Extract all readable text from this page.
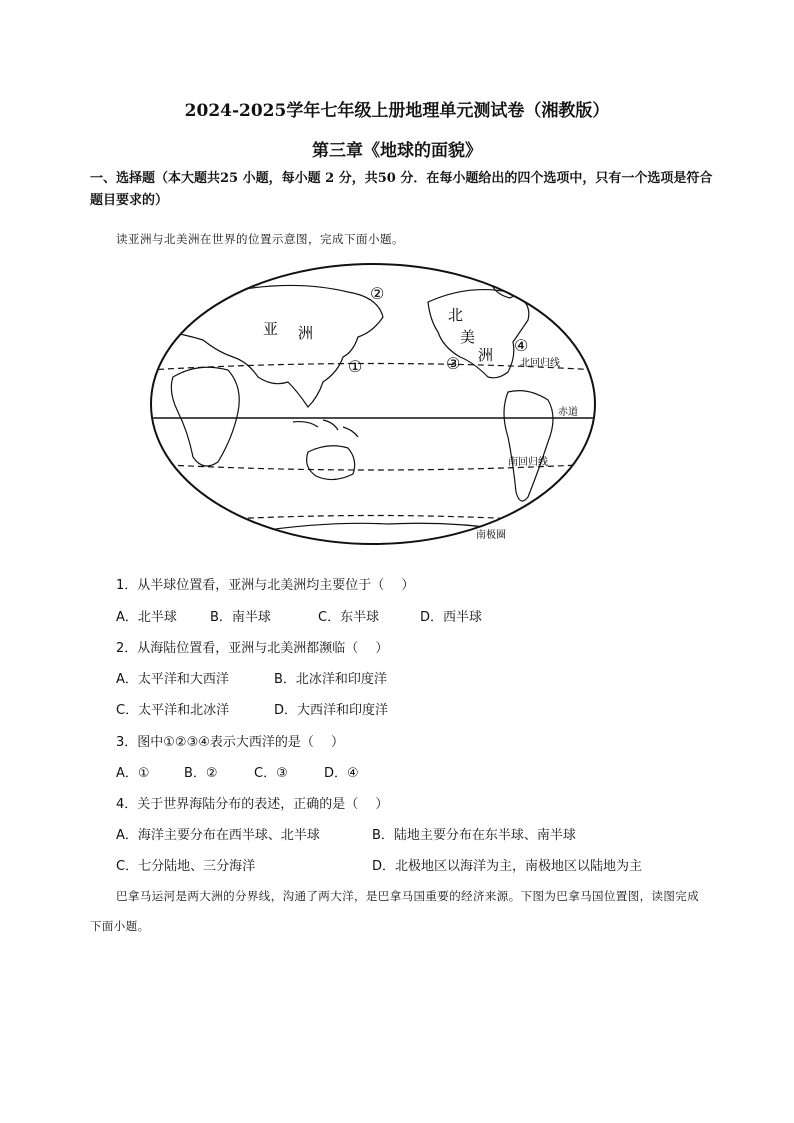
2024-2025学年七年级上册地理单元测试卷（湘教版）
第三章《地球的面貌》
一、选择题（本大题共25 小题，每小题 2 分，共50 分．在每小题给出的四个选项中，只有一个选项是符合题目要求的）
读亚洲与北美洲在世界的位置示意图，完成下面小题。
亚 洲
北
美
洲
①
②
③
④
北回归线
赤道
南回归线
南极圈
1．从半球位置看，亚洲与北美洲均主要位于（　 ）
A．北半球	B．南半球	C．东半球	D．西半球
2．从海陆位置看，亚洲与北美洲都濒临（　 ）
A．太平洋和大西洋	B．北冰洋和印度洋
C．太平洋和北冰洋	D．大西洋和印度洋
3．图中①②③④表示大西洋的是（　 ）
A．①	B．②	C．③	D．④
4．关于世界海陆分布的表述，正确的是（　 ）
A．海洋主要分布在西半球、北半球	B．陆地主要分布在东半球、南半球
C．七分陆地、三分海洋	D．北极地区以海洋为主，南极地区以陆地为主
巴拿马运河是两大洲的分界线，沟通了两大洋，是巴拿马国重要的经济来源。下图为巴拿马国位置图，读图完成下面小题。
